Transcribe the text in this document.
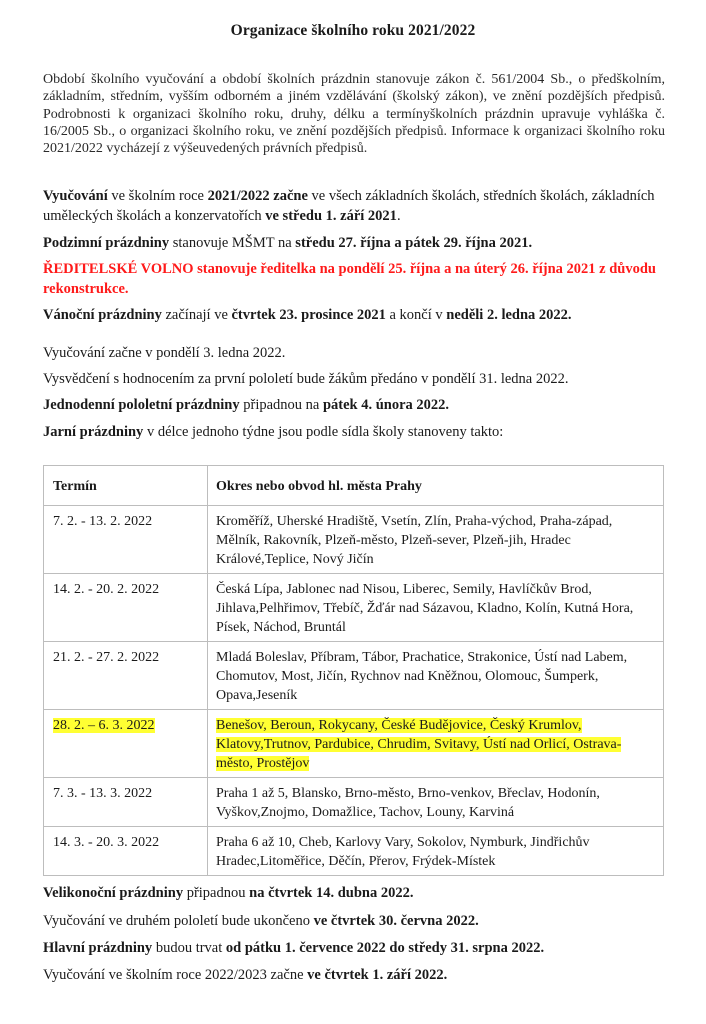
Organizace školního roku 2021/2022

Období školního vyučování a období školních prázdnin stanovuje zákon č. 561/2004 Sb., o předškolním, základním, středním, vyšším odborném a jiném vzdělávání (školský zákon), ve znění pozdějších předpisů. Podrobnosti k organizaci školního roku, druhy, délku a termínyškolních prázdnin upravuje vyhláška č. 16/2005 Sb., o organizaci školního roku, ve znění pozdějších předpisů. Informace k organizaci školního roku 2021/2022 vycházejí z výšeuvedených právních předpisů.

Vyučování ve školním roce 2021/2022 začne ve všech základních školách, středních školách, základních uměleckých školách a konzervatořích ve středu 1. září 2021.

Podzimní prázdniny stanovuje MŠMT na středu 27. října a pátek 29. října 2021.

ŘEDITELSKÉ VOLNO stanovuje ředitelka na pondělí 25. října a na úterý 26. října 2021 z důvodu rekonstrukce.

Vánoční prázdniny začínají ve čtvrtek 23. prosince 2021 a končí v neděli 2. ledna 2022.

Vyučování začne v pondělí 3. ledna 2022.

Vysvědčení s hodnocením za první pololetí bude žákům předáno v pondělí 31. ledna 2022.

Jednodenní pololetní prázdniny připadnou na pátek 4. února 2022.

Jarní prázdniny v délce jednoho týdne jsou podle sídla školy stanoveny takto:

Termín	Okres nebo obvod hl. města Prahy
7. 2. - 13. 2. 2022	Kroměříž, Uherské Hradiště, Vsetín, Zlín, Praha-východ, Praha-západ, Mělník, Rakovník, Plzeň-město, Plzeň-sever, Plzeň-jih, Hradec Králové,Teplice, Nový Jičín
14. 2. - 20. 2. 2022	Česká Lípa, Jablonec nad Nisou, Liberec, Semily, Havlíčkův Brod, Jihlava,Pelhřimov, Třebíč, Žďár nad Sázavou, Kladno, Kolín, Kutná Hora, Písek, Náchod, Bruntál
21. 2. - 27. 2. 2022	Mladá Boleslav, Příbram, Tábor, Prachatice, Strakonice, Ústí nad Labem, Chomutov, Most, Jičín, Rychnov nad Kněžnou, Olomouc, Šumperk, Opava,Jeseník
28. 2. – 6. 3. 2022	Benešov, Beroun, Rokycany, České Budějovice, Český Krumlov, Klatovy,Trutnov, Pardubice, Chrudim, Svitavy, Ústí nad Orlicí, Ostrava-město, Prostějov
7. 3. - 13. 3. 2022	Praha 1 až 5, Blansko, Brno-město, Brno-venkov, Břeclav, Hodonín, Vyškov,Znojmo, Domažlice, Tachov, Louny, Karviná
14. 3. - 20. 3. 2022	Praha 6 až 10, Cheb, Karlovy Vary, Sokolov, Nymburk, Jindřichův Hradec,Litoměřice, Děčín, Přerov, Frýdek-Místek

Velikonoční prázdniny připadnou na čtvrtek 14. dubna 2022.

Vyučování ve druhém pololetí bude ukončeno ve čtvrtek 30. června 2022.

Hlavní prázdniny budou trvat od pátku 1. července 2022 do středy 31. srpna 2022.

Vyučování ve školním roce 2022/2023 začne ve čtvrtek 1. září 2022.
